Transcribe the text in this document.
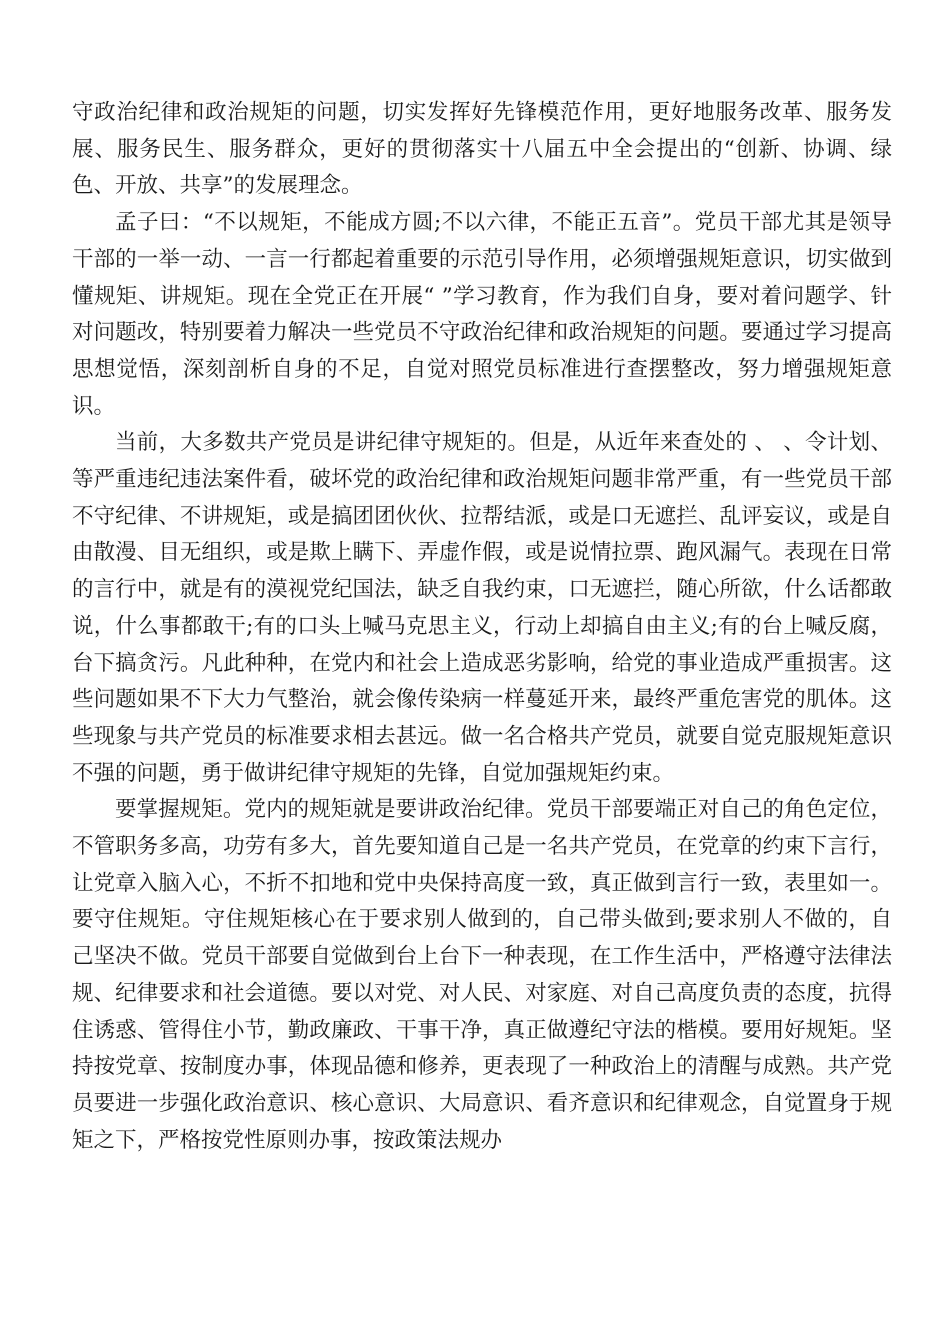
守政治纪律和政治规矩的问题，切实发挥好先锋模范作用，更好地服务改革、服务发展、服务民生、服务群众，更好的贯彻落实十八届五中全会提出的“创新、协调、绿色、开放、共享”的发展理念。

孟子曰：“不以规矩，不能成方圆;不以六律，不能正五音”。党员干部尤其是领导干部的一举一动、一言一行都起着重要的示范引导作用，必须增强规矩意识，切实做到懂规矩、讲规矩。现在全党正在开展“ ”学习教育，作为我们自身，要对着问题学、针对问题改，特别要着力解决一些党员不守政治纪律和政治规矩的问题。要通过学习提高思想觉悟，深刻剖析自身的不足，自觉对照党员标准进行查摆整改，努力增强规矩意识。

当前，大多数共产党员是讲纪律守规矩的。但是，从近年来查处的 、 、令计划、 等严重违纪违法案件看，破坏党的政治纪律和政治规矩问题非常严重，有一些党员干部不守纪律、不讲规矩，或是搞团团伙伙、拉帮结派，或是口无遮拦、乱评妄议，或是自由散漫、目无组织，或是欺上瞒下、弄虚作假，或是说情拉票、跑风漏气。表现在日常的言行中，就是有的漠视党纪国法，缺乏自我约束，口无遮拦，随心所欲，什么话都敢说，什么事都敢干;有的口头上喊马克思主义，行动上却搞自由主义;有的台上喊反腐，台下搞贪污。凡此种种，在党内和社会上造成恶劣影响，给党的事业造成严重损害。这些问题如果不下大力气整治，就会像传染病一样蔓延开来，最终严重危害党的肌体。这些现象与共产党员的标准要求相去甚远。做一名合格共产党员，就要自觉克服规矩意识不强的问题，勇于做讲纪律守规矩的先锋，自觉加强规矩约束。

要掌握规矩。党内的规矩就是要讲政治纪律。党员干部要端正对自己的角色定位，不管职务多高，功劳有多大，首先要知道自己是一名共产党员，在党章的约束下言行，让党章入脑入心，不折不扣地和党中央保持高度一致，真正做到言行一致，表里如一。要守住规矩。守住规矩核心在于要求别人做到的，自己带头做到;要求别人不做的，自己坚决不做。党员干部要自觉做到台上台下一种表现，在工作生活中，严格遵守法律法规、纪律要求和社会道德。要以对党、对人民、对家庭、对自己高度负责的态度，抗得住诱惑、管得住小节，勤政廉政、干事干净，真正做遵纪守法的楷模。要用好规矩。坚持按党章、按制度办事，体现品德和修养，更表现了一种政治上的清醒与成熟。共产党员要进一步强化政治意识、核心意识、大局意识、看齐意识和纪律观念，自觉置身于规矩之下，严格按党性原则办事，按政策法规办
